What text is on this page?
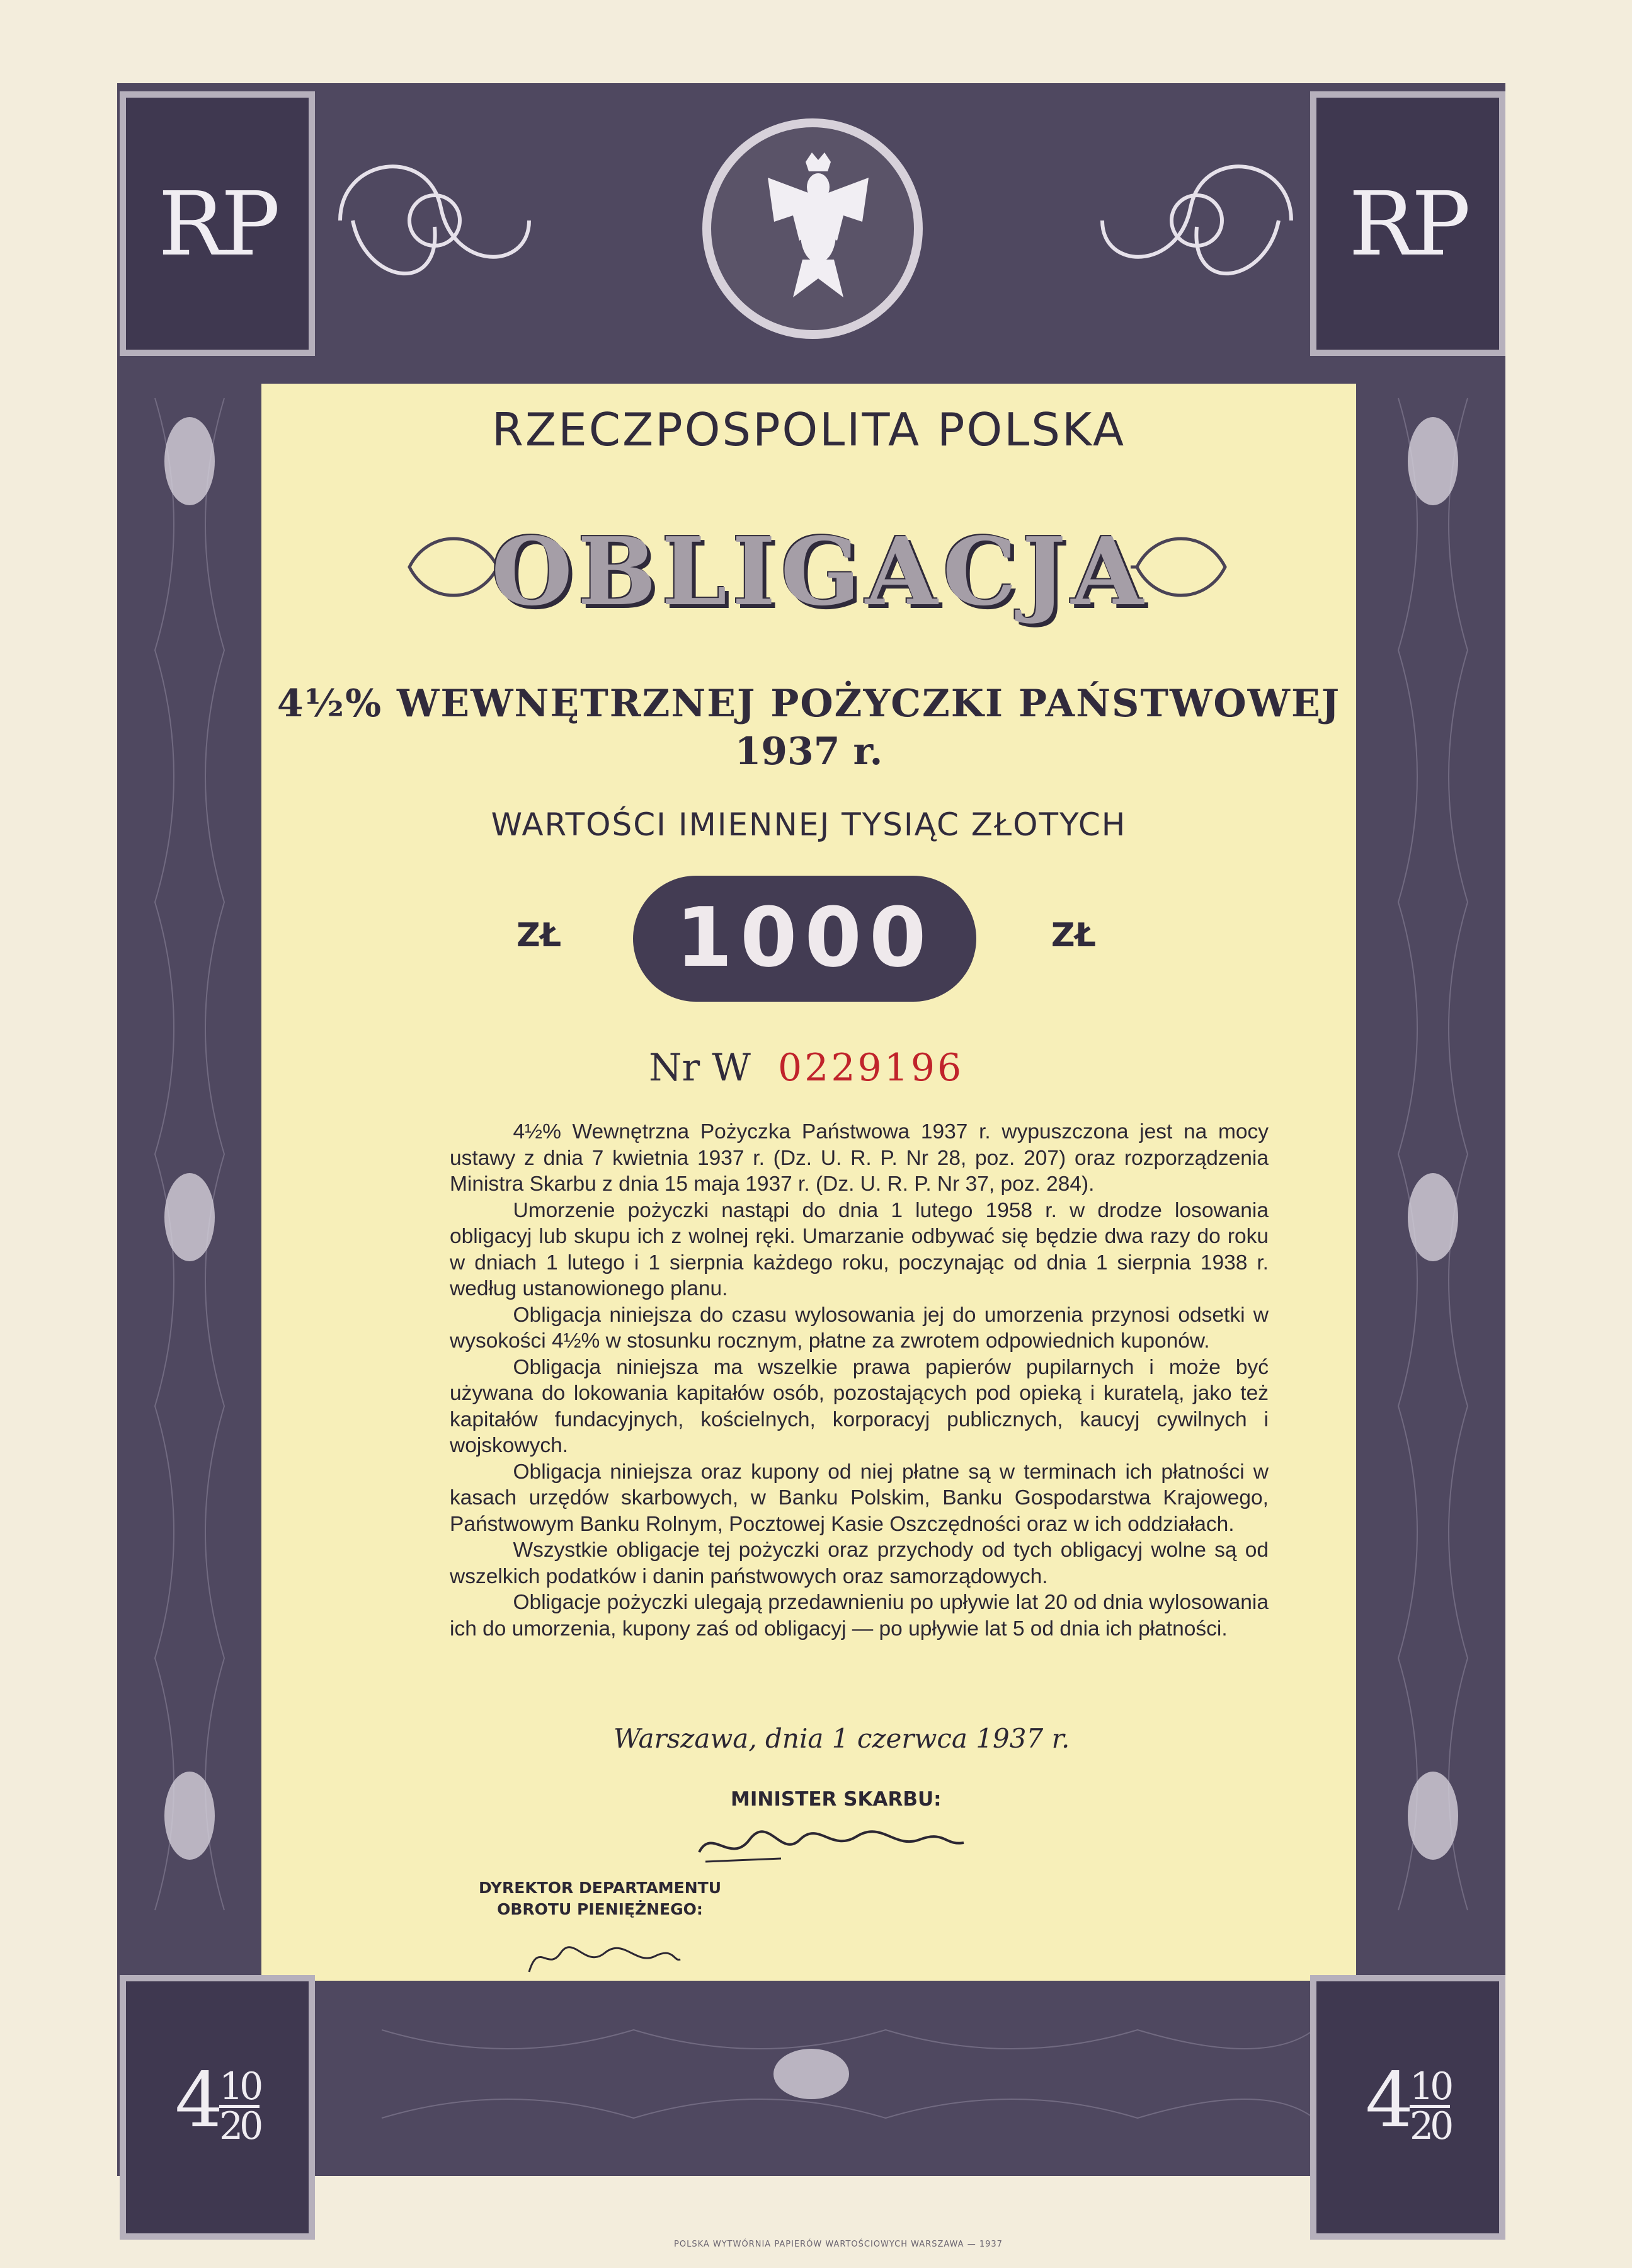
RP	RP
$4 \frac{10}{20}$	$4 \frac{10}{20}$
RZECZPOSPOLITA POLSKA
OBLIGACJA
4½% WEWNĘTRZNEJ POŻYCZKI PAŃSTWOWEJ
1937 r.
WARTOŚCI IMIENNEJ TYSIĄC ZŁOTYCH
ZŁ	1000	ZŁ
Nr W 0229196

4½% Wewnętrzna Pożyczka Państwowa 1937 r. wypuszczona jest na mocy ustawy z dnia 7 kwietnia 1937 r. (Dz. U. R. P. Nr 28, poz. 207) oraz rozporządzenia Ministra Skarbu z dnia 15 maja 1937 r. (Dz. U. R. P. Nr 37, poz. 284).

Umorzenie pożyczki nastąpi do dnia 1 lutego 1958 r. w drodze losowania obligacyj lub skupu ich z wolnej ręki. Umarzanie odbywać się będzie dwa razy do roku w dniach 1 lutego i 1 sierpnia każdego roku, poczynając od dnia 1 sierpnia 1938 r. według ustanowionego planu.

Obligacja niniejsza do czasu wylosowania jej do umorzenia przynosi odsetki w wysokości 4½% w stosunku rocznym, płatne za zwrotem odpowiednich kuponów.

Obligacja niniejsza ma wszelkie prawa papierów pupilarnych i może być używana do lokowania kapitałów osób, pozostających pod opieką i kuratelą, jako też kapitałów fundacyjnych, kościelnych, korporacyj publicznych, kaucyj cywilnych i wojskowych.

Obligacja niniejsza oraz kupony od niej płatne są w terminach ich płatności w kasach urzędów skarbowych, w Banku Polskim, Banku Gospodarstwa Krajowego, Państwowym Banku Rolnym, Pocztowej Kasie Oszczędności oraz w ich oddziałach.

Wszystkie obligacje tej pożyczki oraz przychody od tych obligacyj wolne są od wszelkich podatków i danin państwowych oraz samorządowych.

Obligacje pożyczki ulegają przedawnieniu po upływie lat 20 od dnia wylosowania ich do umorzenia, kupony zaś od obligacyj — po upływie lat 5 od dnia ich płatności.

Warszawa, dnia 1 czerwca 1937 r.
MINISTER SKARBU:
DYREKTOR DEPARTAMENTU
OBROTU PIENIĘŻNEGO:
POLSKA WYTWÓRNIA PAPIERÓW WARTOŚCIOWYCH WARSZAWA — 1937
